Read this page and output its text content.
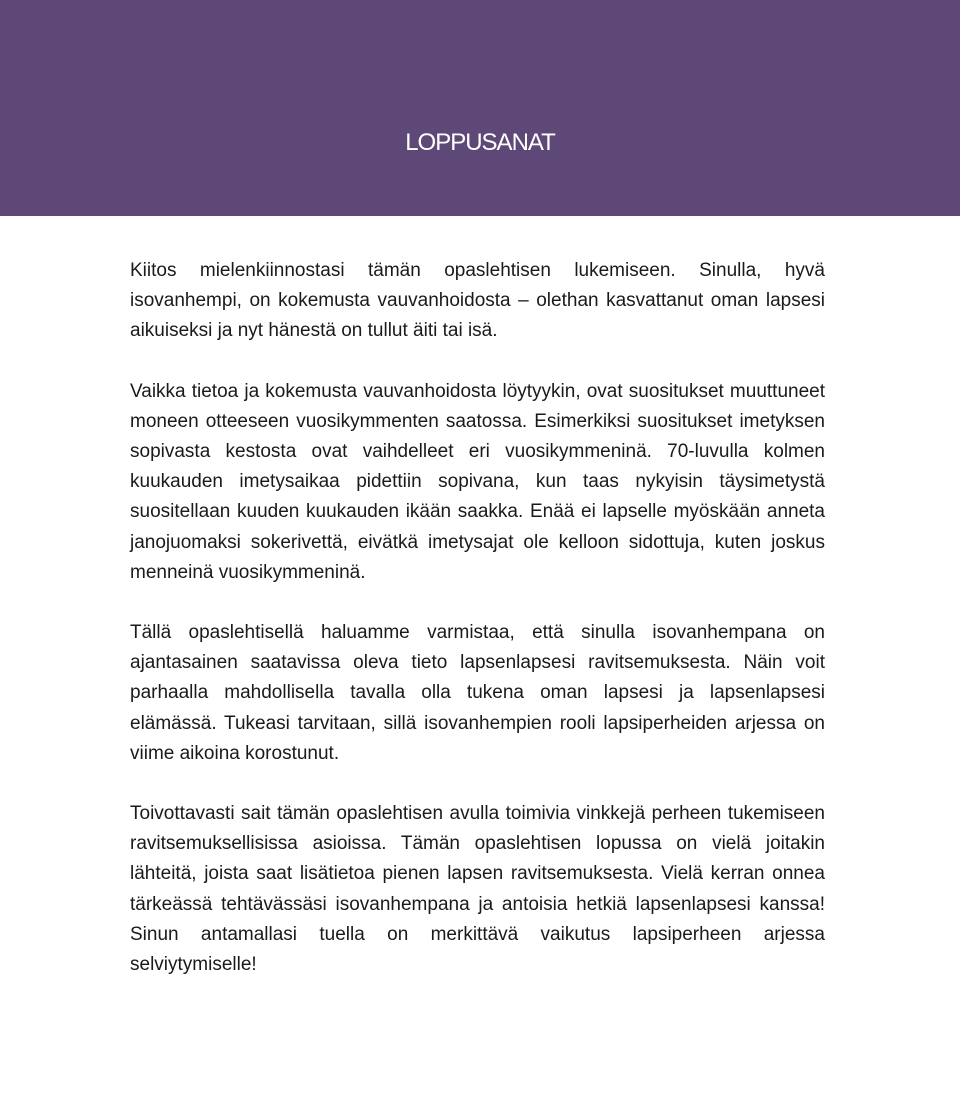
LOPPUSANAT

Kiitos mielenkiinnostasi tämän opaslehtisen lukemiseen. Sinulla, hyvä isovanhempi, on kokemusta vauvanhoidosta – olethan kasvattanut oman lapsesi aikuiseksi ja nyt hänestä on tullut äiti tai isä.

Vaikka tietoa ja kokemusta vauvanhoidosta löytyykin, ovat suositukset muuttuneet moneen otteeseen vuosikymmenten saatossa. Esimerkiksi suositukset imetyksen sopivasta kestosta ovat vaihdelleet eri vuosikymmeninä. 70-luvulla kolmen kuukauden imetysaikaa pidettiin sopivana, kun taas nykyisin täysimetystä suositellaan kuuden kuukauden ikään saakka. Enää ei lapselle myöskään anneta janojuomaksi sokerivettä, eivätkä imetysajat ole kelloon sidottuja, kuten joskus menneinä vuosikymmeninä.

Tällä opaslehtisellä haluamme varmistaa, että sinulla isovanhempana on ajantasainen saatavissa oleva tieto lapsenlapsesi ravitsemuksesta. Näin voit parhaalla mahdollisella tavalla olla tukena oman lapsesi ja lapsenlapsesi elämässä. Tukeasi tarvitaan, sillä isovanhempien rooli lapsiperheiden arjessa on viime aikoina korostunut.

Toivottavasti sait tämän opaslehtisen avulla toimivia vinkkejä perheen tukemiseen ravitsemuksellisissa asioissa. Tämän opaslehtisen lopussa on vielä joitakin lähteitä, joista saat lisätietoa pienen lapsen ravitsemuksesta. Vielä kerran onnea tärkeässä tehtävässäsi isovanhempana ja antoisia hetkiä lapsenlapsesi kanssa! Sinun antamallasi tuella on merkittävä vaikutus lapsiperheen arjessa selviytymiselle!
